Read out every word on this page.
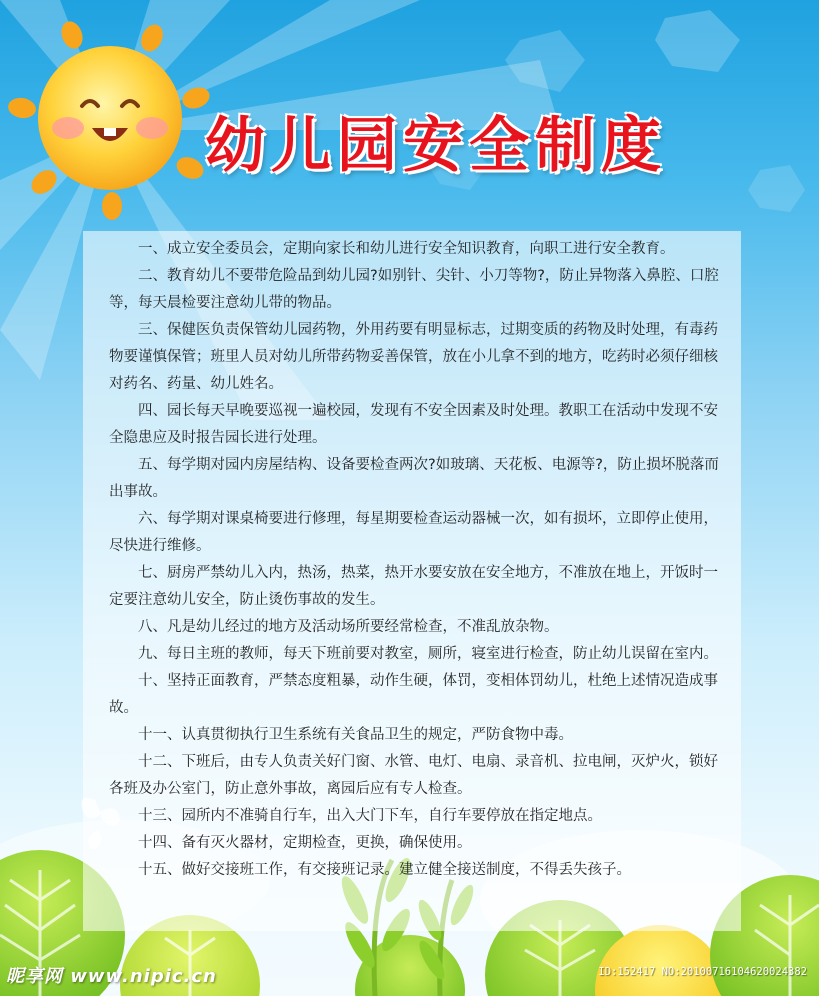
幼儿园安全制度
一、成立安全委员会，定期向家长和幼儿进行安全知识教育，向职工进行安全教育。
二、教育幼儿不要带危险品到幼儿园?如别针、尖针、小刀等物?，防止异物落入鼻腔、口腔等，每天晨检要注意幼儿带的物品。
三、保健医负责保管幼儿园药物，外用药要有明显标志，过期变质的药物及时处理，有毒药物要谨慎保管；班里人员对幼儿所带药物妥善保管，放在小儿拿不到的地方，吃药时必须仔细核对药名、药量、幼儿姓名。
四、园长每天早晚要巡视一遍校园，发现有不安全因素及时处理。教职工在活动中发现不安全隐患应及时报告园长进行处理。
五、每学期对园内房屋结构、设备要检查两次?如玻璃、天花板、电源等?，防止损坏脱落而出事故。
六、每学期对课桌椅要进行修理，每星期要检查运动器械一次，如有损坏，立即停止使用，尽快进行维修。
七、厨房严禁幼儿入内，热汤，热菜，热开水要安放在安全地方，不准放在地上，开饭时一定要注意幼儿安全，防止烫伤事故的发生。
八、凡是幼儿经过的地方及活动场所要经常检查，不准乱放杂物。
九、每日主班的教师，每天下班前要对教室，厕所，寝室进行检查，防止幼儿误留在室内。
十、坚持正面教育，严禁态度粗暴，动作生硬，体罚，变相体罚幼儿，杜绝上述情况造成事故。
十一、认真贯彻执行卫生系统有关食品卫生的规定，严防食物中毒。
十二、下班后，由专人负责关好门窗、水管、电灯、电扇、录音机、拉电闸，灭炉火，锁好各班及办公室门，防止意外事故，离园后应有专人检查。
十三、园所内不准骑自行车，出入大门下车，自行车要停放在指定地点。
十四、备有灭火器材，定期检查，更换，确保使用。
十五、做好交接班工作，有交接班记录。建立健全接送制度，不得丢失孩子。
昵享网 www.nipic.cn	ID:152417 NO:20100716104620024382
